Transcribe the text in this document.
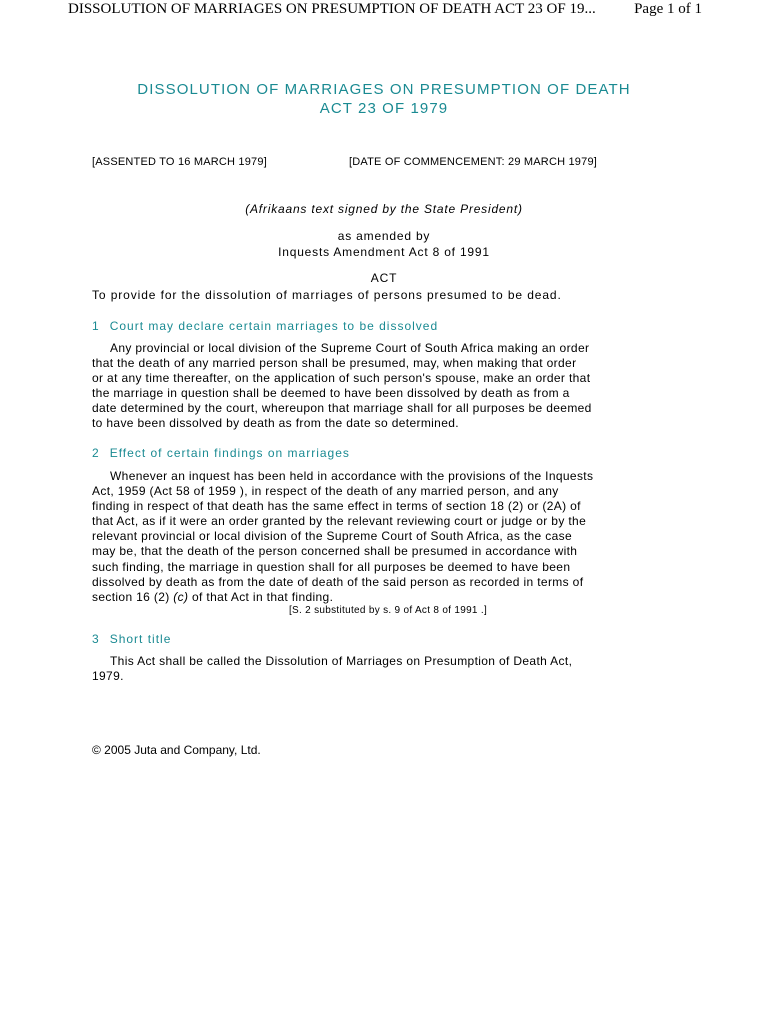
DISSOLUTION OF MARRIAGES ON PRESUMPTION OF DEATH ACT 23 OF 19...	Page 1 of 1
DISSOLUTION OF MARRIAGES ON PRESUMPTION OF DEATH
ACT 23 OF 1979
[ASSENTED TO 16 MARCH 1979]	[DATE OF COMMENCEMENT: 29 MARCH 1979]
(Afrikaans text signed by the State President)
as amended by
Inquests Amendment Act 8 of 1991
ACT
To provide for the dissolution of marriages of persons presumed to be dead.
1 Court may declare certain marriages to be dissolved

Any provincial or local division of the Supreme Court of South Africa making an order
that the death of any married person shall be presumed, may, when making that order
or at any time thereafter, on the application of such person's spouse, make an order that
the marriage in question shall be deemed to have been dissolved by death as from a
date determined by the court, whereupon that marriage shall for all purposes be deemed
to have been dissolved by death as from the date so determined.

2 Effect of certain findings on marriages

Whenever an inquest has been held in accordance with the provisions of the Inquests
Act, 1959 (Act 58 of 1959 ), in respect of the death of any married person, and any
finding in respect of that death has the same effect in terms of section 18 (2) or (2A) of
that Act, as if it were an order granted by the relevant reviewing court or judge or by the
relevant provincial or local division of the Supreme Court of South Africa, as the case
may be, that the death of the person concerned shall be presumed in accordance with
such finding, the marriage in question shall for all purposes be deemed to have been
dissolved by death as from the date of death of the said person as recorded in terms of
section 16 (2) (c) of that Act in that finding.

[S. 2 substituted by s. 9 of Act 8 of 1991 .]
3 Short title

This Act shall be called the Dissolution of Marriages on Presumption of Death Act,
1979.

© 2005 Juta and Company, Ltd.
